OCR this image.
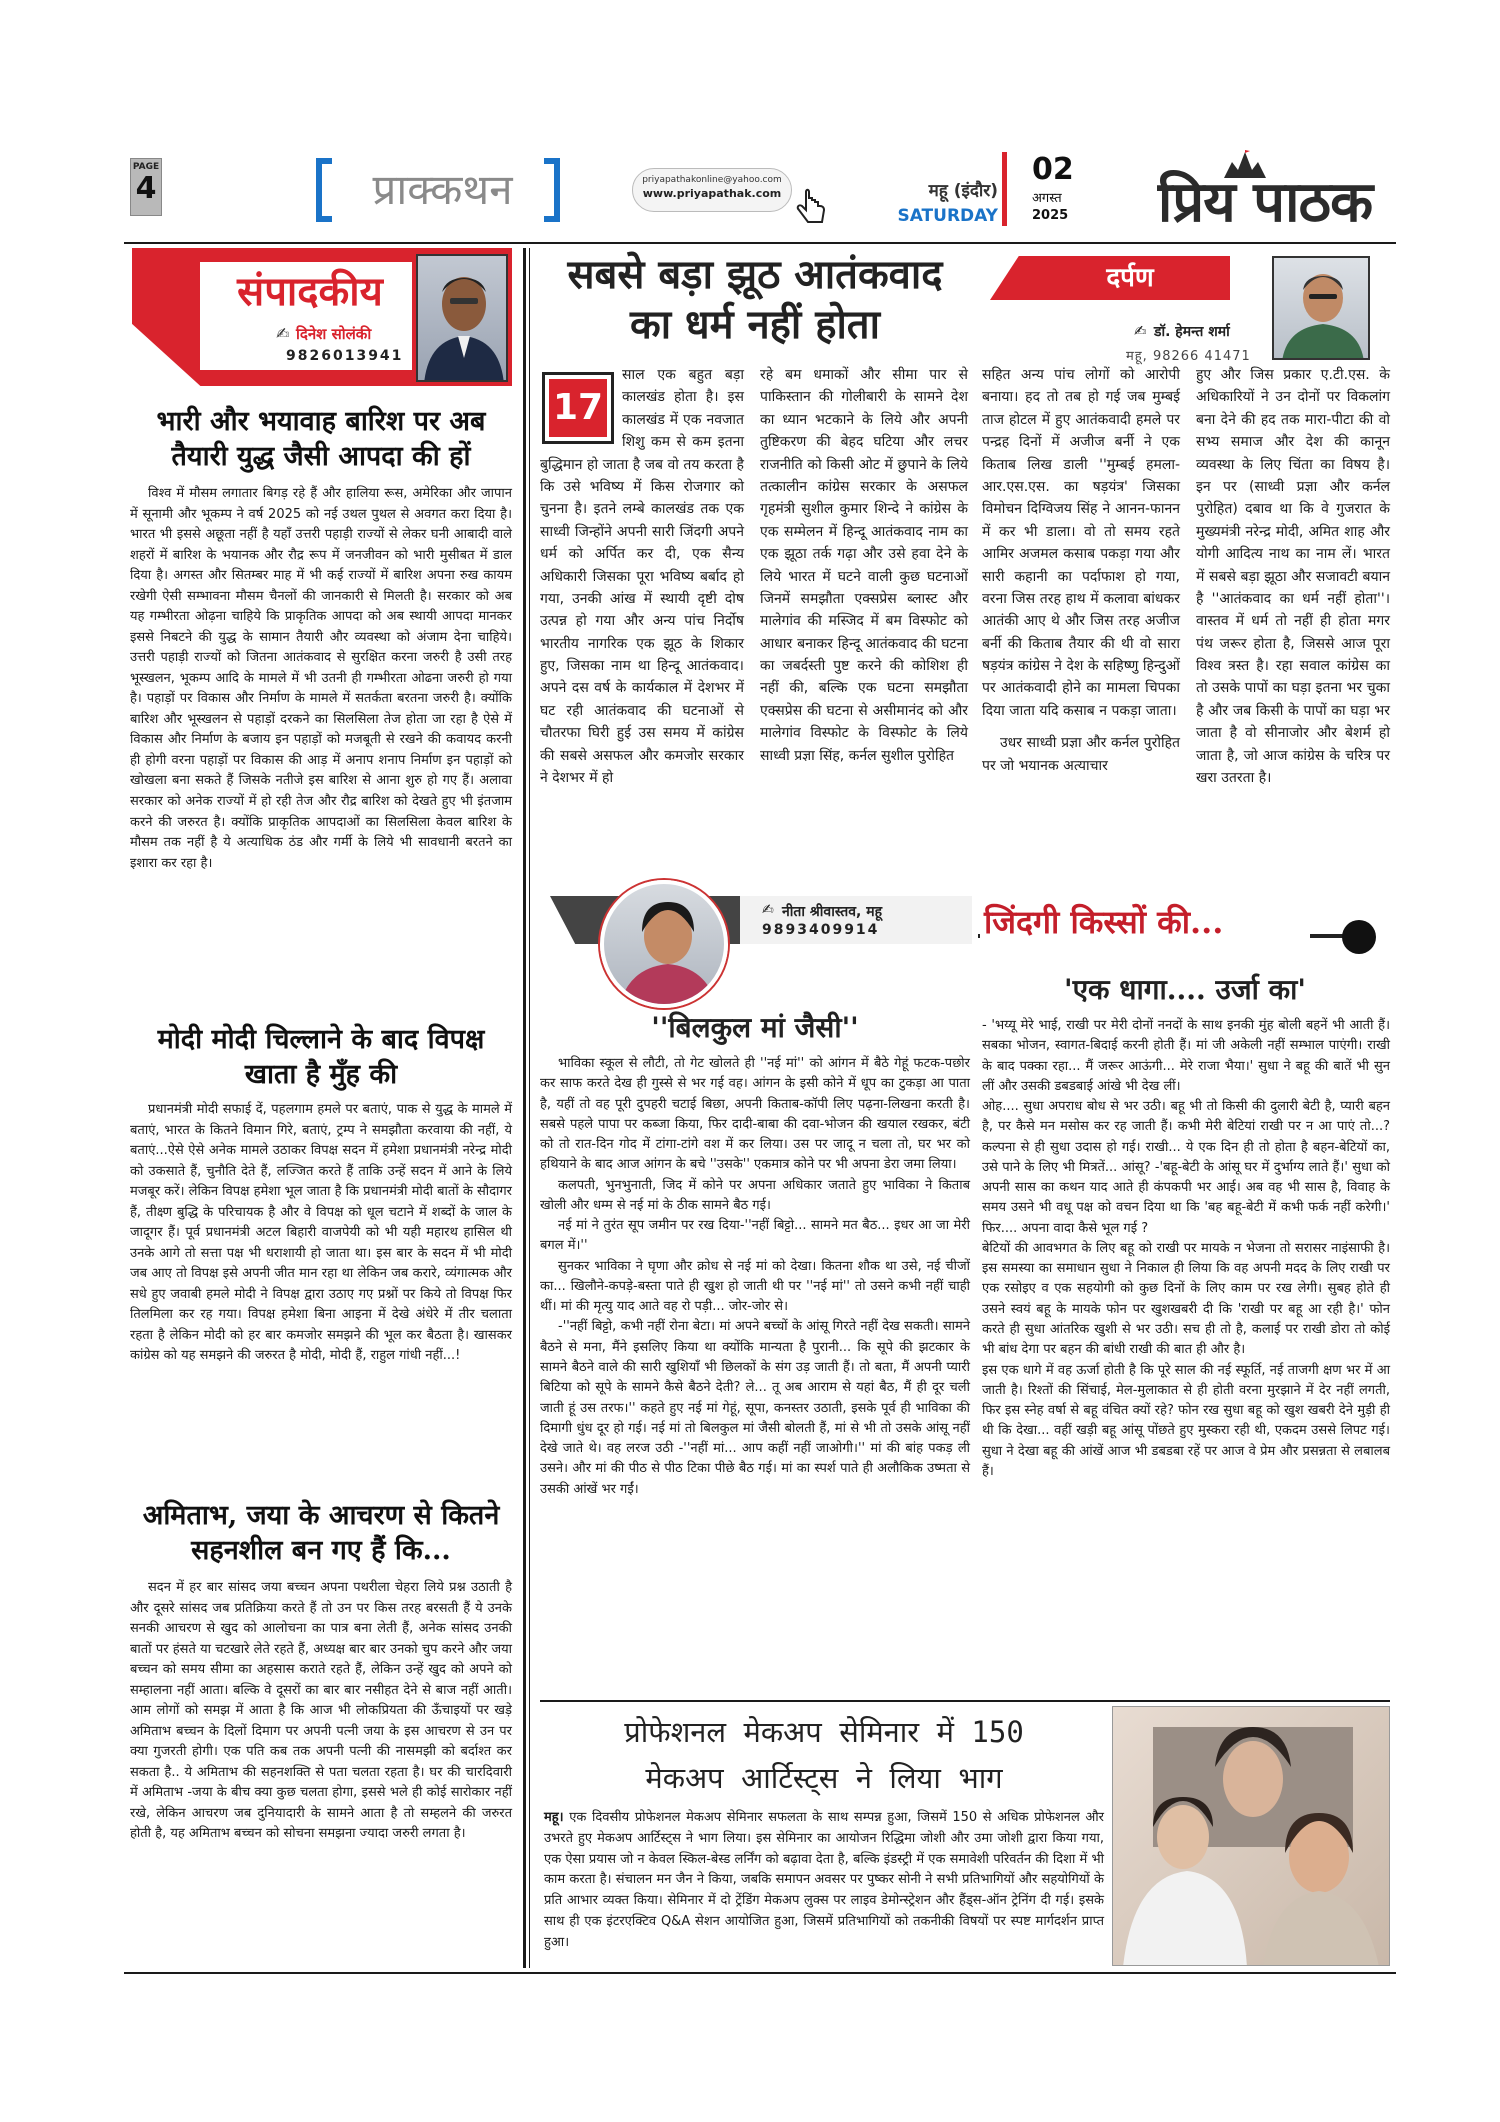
PAGE
4	प्राक्कथन	priyapathakonline@yahoo.com
www.priyapathak.com	महू (इंदौर)
SATURDAY
02
अगस्त
2025	प्रिय पाठक
संपादकीय
✍ दिनेश सोलंकी
9826013941
भारी और भयावाह बारिश पर अब तैयारी युद्ध जैसी आपदा की हों
विश्व में मौसम लगातार बिगड़ रहे हैं और हालिया रूस, अमेरिका और जापान में सूनामी और भूकम्प ने वर्ष 2025 को नई उथल पुथल से अवगत करा दिया है। भारत भी इससे अछूता नहीं है यहाँ उत्तरी पहाड़ी राज्यों से लेकर घनी आबादी वाले शहरों में बारिश के भयानक और रौद्र रूप में जनजीवन को भारी मुसीबत में डाल दिया है। अगस्त और सितम्बर माह में भी कई राज्यों में बारिश अपना रुख कायम रखेगी ऐसी सम्भावना मौसम चैनलों की जानकारी से मिलती है। सरकार को अब यह गम्भीरता ओढ़ना चाहिये कि प्राकृतिक आपदा को अब स्थायी आपदा मानकर इससे निबटने की युद्ध के सामान तैयारी और व्यवस्था को अंजाम देना चाहिये। उत्तरी पहाड़ी राज्यों को जितना आतंकवाद से सुरक्षित करना जरुरी है उसी तरह भूस्खलन, भूकम्प आदि के मामले में भी उतनी ही गम्भीरता ओढना जरुरी हो गया है। पहाड़ों पर विकास और निर्माण के मामले में सतर्कता बरतना जरुरी है। क्योंकि बारिश और भूस्खलन से पहाड़ों दरकने का सिलसिला तेज होता जा रहा है ऐसे में विकास और निर्माण के बजाय इन पहाड़ों को मजबूती से रखने की कवायद करनी ही होगी वरना पहाड़ों पर विकास की आड़ में अनाप शनाप निर्माण इन पहाड़ों को खोखला बना सकते हैं जिसके नतीजे इस बारिश से आना शुरु हो गए हैं। अलावा सरकार को अनेक राज्यों में हो रही तेज और रौद्र बारिश को देखते हुए भी इंतजाम करने की जरुरत है। क्योंकि प्राकृतिक आपदाओं का सिलसिला केवल बारिश के मौसम तक नहीं है ये अत्याधिक ठंड और गर्मी के लिये भी सावधानी बरतने का इशारा कर रहा है।
मोदी मोदी चिल्लाने के बाद विपक्ष खाता है मुँह की
प्रधानमंत्री मोदी सफाई दें, पहलगाम हमले पर बताएं, पाक से युद्ध के मामले में बताएं, भारत के कितने विमान गिरे, बताएं, ट्रम्प ने समझौता करवाया की नहीं, ये बताएं...ऐसे ऐसे अनेक मामले उठाकर विपक्ष सदन में हमेशा प्रधानमंत्री नरेन्द्र मोदी को उकसाते हैं, चुनौति देते हैं, लज्जित करते हैं ताकि उन्हें सदन में आने के लिये मजबूर करें। लेकिन विपक्ष हमेशा भूल जाता है कि प्रधानमंत्री मोदी बातों के सौदागर हैं, तीक्ष्ण बुद्धि के परिचायक है और वे विपक्ष को धूल चटाने में शब्दों के जाल के जादूगर हैं। पूर्व प्रधानमंत्री अटल बिहारी वाजपेयी को भी यही महारथ हासिल थी उनके आगे तो सत्ता पक्ष भी धराशायी हो जाता था। इस बार के सदन में भी मोदी जब आए तो विपक्ष इसे अपनी जीत मान रहा था लेकिन जब करारे, व्यंगात्मक और सधे हुए जवाबी हमले मोदी ने विपक्ष द्वारा उठाए गए प्रश्नों पर किये तो विपक्ष फिर तिलमिला कर रह गया। विपक्ष हमेशा बिना आइना में देखे अंधेरे में तीर चलाता रहता है लेकिन मोदी को हर बार कमजोर समझने की भूल कर बैठता है। खासकर कांग्रेस को यह समझने की जरुरत है मोदी, मोदी हैं, राहुल गांधी नहीं...!
अमिताभ, जया के आचरण से कितने सहनशील बन गए हैं कि...
सदन में हर बार सांसद जया बच्चन अपना पथरीला चेहरा लिये प्रश्न उठाती है और दूसरे सांसद जब प्रतिक्रिया करते हैं तो उन पर किस तरह बरसती हैं ये उनके सनकी आचरण से खुद को आलोचना का पात्र बना लेती हैं, अनेक सांसद उनकी बातों पर हंसते या चटखारे लेते रहते हैं, अध्यक्ष बार बार उनको चुप करने और जया बच्चन को समय सीमा का अहसास कराते रहते हैं, लेकिन उन्हें खुद को अपने को सम्हालना नहीं आता। बल्कि वे दूसरों का बार बार नसीहत देने से बाज नहीं आती। आम लोगों को समझ में आता है कि आज भी लोकप्रियता की ऊँचाइयों पर खड़े अमिताभ बच्चन के दिलों दिमाग पर अपनी पत्नी जया के इस आचरण से उन पर क्या गुजरती होगी। एक पति कब तक अपनी पत्नी की नासमझी को बर्दाश्त कर सकता है.. ये अमिताभ की सहनशक्ति से पता चलता रहता है। घर की चारदिवारी में अमिताभ -जया के बीच क्या कुछ चलता होगा, इससे भले ही कोई सारोकार नहीं रखे, लेकिन आचरण जब दुनियादारी के सामने आता है तो सम्हलने की जरुरत होती है, यह अमिताभ बच्चन को सोचना समझना ज्यादा जरुरी लगता है।
सबसे बड़ा झूठ आतंकवाद का धर्म नहीं होता
17
साल एक बहुत बड़ा कालखंड होता है। इस कालखंड में एक नवजात शिशु कम से कम इतना बुद्धिमान हो जाता है जब वो तय करता है कि उसे भविष्य में किस रोजगार को चुनना है। इतने लम्बे कालखंड तक एक साध्वी जिन्होंने अपनी सारी जिंदगी अपने धर्म को अर्पित कर दी, एक सैन्य अधिकारी जिसका पूरा भविष्य बर्बाद हो गया, उनकी आंख में स्थायी दृष्टी दोष उत्पन्न हो गया और अन्य पांच निर्दोष भारतीय नागरिक एक झूठ के शिकार हुए, जिसका नाम था हिन्दू आतंकवाद। अपने दस वर्ष के कार्यकाल में देशभर में घट रही आतंकवाद की घटनाओं से चौतरफा घिरी हुई उस समय में कांग्रेस की सबसे असफल और कमजोर सरकार ने देशभर में हो
रहे बम धमाकों और सीमा पार से पाकिस्तान की गोलीबारी के सामने देश का ध्यान भटकाने के लिये और अपनी तुष्टिकरण की बेहद घटिया और लचर राजनीति को किसी ओट में छुपाने के लिये तत्कालीन कांग्रेस सरकार के असफल गृहमंत्री सुशील कुमार शिन्दे ने कांग्रेस के एक सम्मेलन में हिन्दू आतंकवाद नाम का एक झूठा तर्क गढ़ा और उसे हवा देने के लिये भारत में घटने वाली कुछ घटनाओं जिनमें समझौता एक्सप्रेस ब्लास्ट और मालेगांव की मस्जिद में बम विस्फोट को आधार बनाकर हिन्दू आतंकवाद की घटना का जबर्दस्ती पुष्ट करने की कोशिश ही नहीं की, बल्कि एक घटना समझौता एक्सप्रेस की घटना से असीमानंद को और मालेगांव विस्फोट के विस्फोट के लिये साध्वी प्रज्ञा सिंह, कर्नल सुशील पुरोहित
दर्पण
✍ डॉ. हेमन्त शर्मा
महू, 98266 41471
सहित अन्य पांच लोगों को आरोपी बनाया। हद तो तब हो गई जब मुम्बई ताज होटल में हुए आतंकवादी हमले पर पन्द्रह दिनों में अजीज बर्नी ने एक किताब लिख डाली ''मुम्बई हमला- आर.एस.एस. का षड़यंत्र' जिसका विमोचन दिग्विजय सिंह ने आनन-फानन में कर भी डाला। वो तो समय रहते आमिर अजमल कसाब पकड़ा गया और सारी कहानी का पर्दाफाश हो गया, वरना जिस तरह हाथ में कलावा बांधकर आतंकी आए थे और जिस तरह अजीज बर्नी की किताब तैयार की थी वो सारा षड़यंत्र कांग्रेस ने देश के सहिष्णु हिन्दुओं पर आतंकवादी होने का मामला चिपका दिया जाता यदि कसाब न पकड़ा जाता।
उधर साध्वी प्रज्ञा और कर्नल पुरोहित पर जो भयानक अत्याचार
हुए और जिस प्रकार ए.टी.एस. के अधिकारियों ने उन दोनों पर विकलांग बना देने की हद तक मारा-पीटा की वो सभ्य समाज और देश की कानून व्यवस्था के लिए चिंता का विषय है। इन पर (साध्वी प्रज्ञा और कर्नल पुरोहित) दबाव था कि वे गुजरात के मुख्यमंत्री नरेन्द्र मोदी, अमित शाह और योगी आदित्य नाथ का नाम लें। भारत में सबसे बड़ा झूठा और सजावटी बयान है ''आतंकवाद का धर्म नहीं होता''। वास्तव में धर्म तो नहीं ही होता मगर पंथ जरूर होता है, जिससे आज पूरा विश्व त्रस्त है। रहा सवाल कांग्रेस का तो उसके पापों का घड़ा इतना भर चुका है और जब किसी के पापों का घड़ा भर जाता है वो सीनाजोर और बेशर्म हो जाता है, जो आज कांग्रेस के चरित्र पर खरा उतरता है।
✍ नीता श्रीवास्तव, महू
9893409914
''बिलकुल मां जैसी''

भाविका स्कूल से लौटी, तो गेट खोलते ही ''नई मां'' को आंगन में बैठे गेहूं फटक-पछोर कर साफ करते देख ही गुस्से से भर गई वह। आंगन के इसी कोने में धूप का टुकड़ा आ पाता है, यहीं तो वह पूरी दुपहरी चटाई बिछा, अपनी किताब-कॉपी लिए पढ़ना-लिखना करती है। सबसे पहले पापा पर कब्जा किया, फिर दादी-बाबा की दवा-भोजन की खयाल रखकर, बंटी को तो रात-दिन गोद में टांगा-टांगे वश में कर लिया। उस पर जादू न चला तो, घर भर को हथियाने के बाद आज आंगन के बचे ''उसके'' एकमात्र कोने पर भी अपना डेरा जमा लिया।

कलपती, भुनभुनाती, जिद में कोने पर अपना अधिकार जताते हुए भाविका ने किताब खोली और धम्म से नई मां के ठीक सामने बैठ गई।

नई मां ने तुरंत सूप जमीन पर रख दिया-''नहीं बिट्टो... सामने मत बैठ... इधर आ जा मेरी बगल में।''

सुनकर भाविका ने घृणा और क्रोध से नई मां को देखा। कितना शौक था उसे, नई चीजों का... खिलौने-कपड़े-बस्ता पाते ही खुश हो जाती थी पर ''नई मां'' तो उसने कभी नहीं चाही थीं। मां की मृत्यु याद आते वह रो पड़ी... जोर-जोर से।

-''नहीं बिट्टो, कभी नहीं रोना बेटा। मां अपने बच्चों के आंसू गिरते नहीं देख सकती। सामने बैठने से मना, मैंने इसलिए किया था क्योंकि मान्यता है पुरानी... कि सूपे की झटकार के सामने बैठने वाले की सारी खुशियाँ भी छिलकों के संग उड़ जाती हैं। तो बता, मैं अपनी प्यारी बिटिया को सूपे के सामने कैसे बैठने देती? ले... तू अब आराम से यहां बैठ, मैं ही दूर चली जाती हूं उस तरफ।'' कहते हुए नई मां गेहूं, सूपा, कनस्तर उठाती, इसके पूर्व ही भाविका की दिमागी धुंध दूर हो गई। नई मां तो बिलकुल मां जैसी बोलती हैं, मां से भी तो उसके आंसू नहीं देखे जाते थे। वह लरज उठी -''नहीं मां... आप कहीं नहीं जाओगी।'' मां की बांह पकड़ ली उसने। और मां की पीठ से पीठ टिका पीछे बैठ गई। मां का स्पर्श पाते ही अलौकिक उष्मता से उसकी आंखें भर गईं।

जिंदगी किस्सों की...
'एक धागा.... उर्जा का'

- 'भय्यू मेरे भाई, राखी पर मेरी दोनों ननदों के साथ इनकी मुंह बोली बहनें भी आती हैं। सबका भोजन, स्वागत-बिदाई करनी होती हैं। मां जी अकेली नहीं सम्भाल पाएंगी। राखी के बाद पक्का रहा... मैं जरूर आऊंगी... मेरे राजा भैया।' सुधा ने बहू की बातें भी सुन लीं और उसकी डबडबाई आंखे भी देख लीं।

ओह.... सुधा अपराध बोध से भर उठी। बहू भी तो किसी की दुलारी बेटी है, प्यारी बहन है, पर कैसे मन मसोस कर रह जाती हैं। कभी मेरी बेटियां राखी पर न आ पाएं तो...? कल्पना से ही सुधा उदास हो गई। राखी... ये एक दिन ही तो होता है बहन-बेटियों का, उसे पाने के लिए भी मित्रतें... आंसू? -'बहू-बेटी के आंसू घर में दुर्भाग्य लाते हैं।' सुधा को अपनी सास का कथन याद आते ही कंपकपी भर आई। अब वह भी सास है, विवाह के समय उसने भी वधू पक्ष को वचन दिया था कि 'बह बहू-बेटी में कभी फर्क नहीं करेगी।' फिर.... अपना वादा कैसे भूल गई ?

बेटियों की आवभगत के लिए बहू को राखी पर मायके न भेजना तो सरासर नाइंसाफी है। इस समस्या का समाधान सुधा ने निकाल ही लिया कि वह अपनी मदद के लिए राखी पर एक रसोइए व एक सहयोगी को कुछ दिनों के लिए काम पर रख लेगी। सुबह होते ही उसने स्वयं बहू के मायके फोन पर खुशखबरी दी कि 'राखी पर बहू आ रही है।' फोन करते ही सुधा आंतरिक खुशी से भर उठी। सच ही तो है, कलाई पर राखी डोरा तो कोई भी बांध देगा पर बहन की बांधी राखी की बात ही और है।

इस एक धागे में वह ऊर्जा होती है कि पूरे साल की नई स्फूर्ति, नई ताजगी क्षण भर में आ जाती है। रिश्तों की सिंचाई, मेल-मुलाकात से ही होती वरना मुरझाने में देर नहीं लगती, फिर इस स्नेह वर्षा से बहू वंचित क्यों रहे? फोन रख सुधा बहू को खुश खबरी देने मुड़ी ही थी कि देखा... वहीं खड़ी बहू आंसू पोंछते हुए मुस्करा रही थी, एकदम उससे लिपट गई। सुधा ने देखा बहू की आंखें आज भी डबडबा रहें पर आज वे प्रेम और प्रसन्नता से लबालब हैं।

प्रोफेशनल मेकअप सेमिनार में 150
मेकअप आर्टिस्ट्स ने लिया भाग
महू। एक दिवसीय प्रोफेशनल मेकअप सेमिनार सफलता के साथ सम्पन्न हुआ, जिसमें 150 से अधिक प्रोफेशनल और उभरते हुए मेकअप आर्टिस्ट्स ने भाग लिया। इस सेमिनार का आयोजन रिद्धिमा जोशी और उमा जोशी द्वारा किया गया, एक ऐसा प्रयास जो न केवल स्किल-बेस्ड लर्निंग को बढ़ावा देता है, बल्कि इंडस्ट्री में एक समावेशी परिवर्तन की दिशा में भी काम करता है। संचालन मन जैन ने किया, जबकि समापन अवसर पर पुष्कर सोनी ने सभी प्रतिभागियों और सहयोगियों के प्रति आभार व्यक्त किया। सेमिनार में दो ट्रेंडिंग मेकअप लुक्स पर लाइव डेमोन्स्ट्रेशन और हैंड्स-ऑन ट्रेनिंग दी गई। इसके साथ ही एक इंटरएक्टिव Q&A सेशन आयोजित हुआ, जिसमें प्रतिभागियों को तकनीकी विषयों पर स्पष्ट मार्गदर्शन प्राप्त हुआ।
